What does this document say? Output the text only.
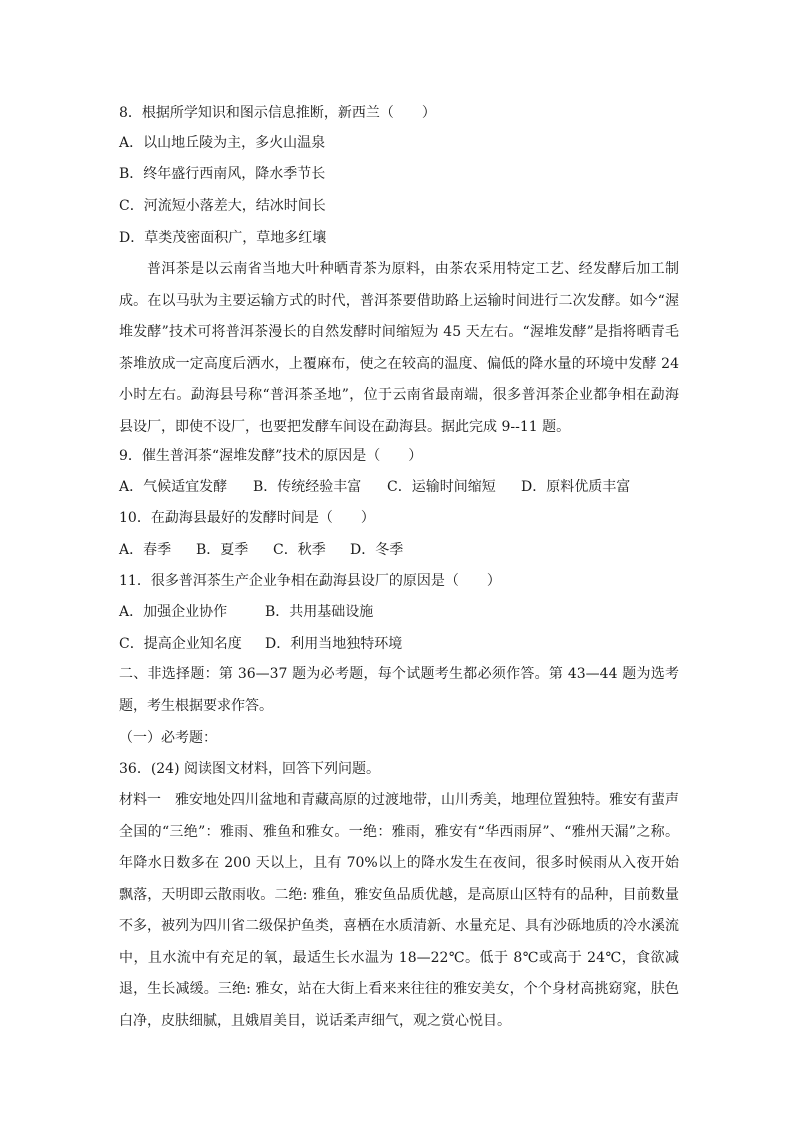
8．根据所学知识和图示信息推断，新西兰（　　）
A．以山地丘陵为主，多火山温泉
B．终年盛行西南风，降水季节长
C．河流短小落差大，结冰时间长
D．草类茂密面积广，草地多红壤
普洱茶是以云南省当地大叶种晒青茶为原料，由茶农采用特定工艺、经发酵后加工制成。在以马驮为主要运输方式的时代，普洱茶要借助路上运输时间进行二次发酵。如今“渥堆发酵”技术可将普洱茶漫长的自然发酵时间缩短为 45 天左右。“渥堆发酵”是指将晒青毛茶堆放成一定高度后洒水，上覆麻布，使之在较高的温度、偏低的降水量的环境中发酵 24 小时左右。勐海县号称“普洱茶圣地”，位于云南省最南端，很多普洱茶企业都争相在勐海县设厂，即使不设厂，也要把发酵车间设在勐海县。据此完成 9--11 题。
9．催生普洱茶“渥堆发酵”技术的原因是（　　）
A．气候适宜发酵 B．传统经验丰富 C．运输时间缩短 D．原料优质丰富
10．在勐海县最好的发酵时间是（　　）
A．春季 B．夏季 C．秋季 D．冬季
11．很多普洱茶生产企业争相在勐海县设厂的原因是（　　）
A．加强企业协作	B．共用基础设施
C．提高企业知名度 D．利用当地独特环境
二、非选择题：第 36—37 题为必考题，每个试题考生都必须作答。第 43—44 题为选考题，考生根据要求作答。
（一）必考题：
36．(24) 阅读图文材料，回答下列问题。
材料一　雅安地处四川盆地和青藏高原的过渡地带，山川秀美，地理位置独特。雅安有蜚声全国的“三绝”：雅雨、雅鱼和雅女。一绝：雅雨，雅安有“华西雨屏”、“雅州天漏”之称。年降水日数多在 200 天以上，且有 70%以上的降水发生在夜间，很多时候雨从入夜开始飘落，天明即云散雨收。二绝: 雅鱼，雅安鱼品质优越，是高原山区特有的品种，目前数量不多，被列为四川省二级保护鱼类，喜栖在水质清新、水量充足、具有沙砾地质的冷水溪流中，且水流中有充足的氧，最适生长水温为 18—22℃。低于 8℃或高于 24℃，食欲减退，生长减缓。三绝: 雅女，站在大街上看来来往往的雅安美女，个个身材高挑窈窕，肤色白净，皮肤细腻，且娥眉美目，说话柔声细气，观之赏心悦目。
